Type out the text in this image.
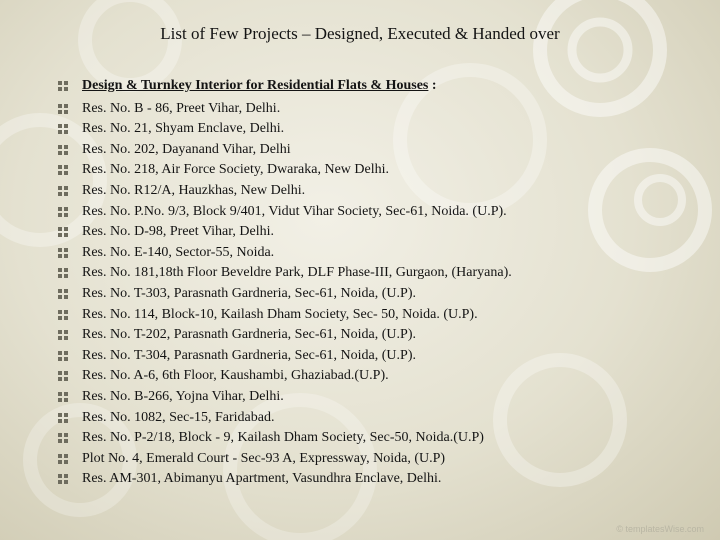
List of Few Projects – Designed, Executed & Handed over
Design & Turnkey Interior for Residential Flats & Houses :
Res. No. B - 86, Preet Vihar, Delhi.
Res. No. 21, Shyam Enclave, Delhi.
Res. No. 202, Dayanand Vihar, Delhi
Res. No. 218, Air Force Society, Dwaraka, New Delhi.
Res. No. R12/A, Hauzkhas, New Delhi.
Res. No. P.No. 9/3, Block 9/401, Vidut Vihar Society, Sec-61, Noida. (U.P).
Res. No. D-98, Preet Vihar, Delhi.
Res. No. E-140, Sector-55, Noida.
Res. No. 181,18th Floor Beveldre Park, DLF Phase-III, Gurgaon, (Haryana).
Res. No. T-303, Parasnath Gardneria, Sec-61, Noida, (U.P).
Res. No. 114, Block-10, Kailash Dham Society, Sec- 50, Noida. (U.P).
Res. No. T-202, Parasnath Gardneria, Sec-61, Noida, (U.P).
Res. No. T-304, Parasnath Gardneria, Sec-61, Noida, (U.P).
Res. No. A-6, 6th Floor, Kaushambi, Ghaziabad.(U.P).
Res. No. B-266, Yojna Vihar, Delhi.
Res. No. 1082, Sec-15, Faridabad.
Res. No. P-2/18, Block - 9, Kailash Dham Society, Sec-50, Noida.(U.P)
Plot No. 4, Emerald Court - Sec-93 A, Expressway, Noida, (U.P)
Res. AM-301, Abimanyu Apartment, Vasundhra Enclave, Delhi.
© templatesWise.com
